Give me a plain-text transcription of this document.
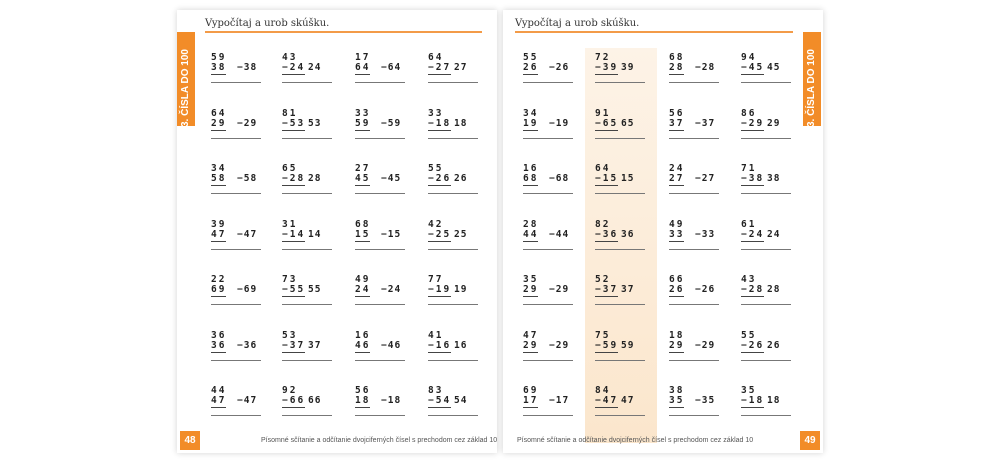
Vypočítaj a urob skúšku.
3. ČÍSLA DO 100	59
38 −38
43
−24 24
17
64 −64
64
−27 27
64
29 −29
81
−53 53
33
59 −59
33
−18 18
34
58 −58
65
−28 28
27
45 −45
55
−26 26
39
47 −47
31
−14 14
68
15 −15
42
−25 25
22
69 −69
73
−55 55
49
24 −24
77
−19 19
36
36 −36
53
−37 37
16
46 −46
41
−16 16
44
47 −47
92
−66 66
56
18 −18
83
−54 54
48	Písomné sčítanie a odčítanie dvojciferných čísel s prechodom cez základ 10
Vypočítaj a urob skúšku.
3. ČÍSLA DO 100
55
26 −26
72
−39 39
68
28 −28
94
−45 45
34
19 −19
91
−65 65
56
37 −37
86
−29 29
16
68 −68
64
−15 15
24
27 −27
71
−38 38
28
44 −44
82
−36 36
49
33 −33
61
−24 24
35
29 −29
52
−37 37
66
26 −26
43
−28 28
47
29 −29
75
−59 59
18
29 −29
55
−26 26
69
17 −17
84
−47 47
38
35 −35
35
−18 18
49
Písomné sčítanie a odčítanie dvojciferných čísel s prechodom cez základ 10
